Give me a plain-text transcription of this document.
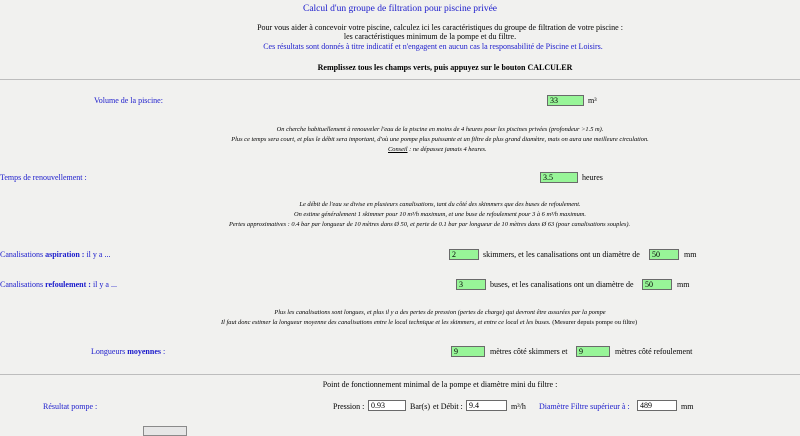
Calcul d'un groupe de filtration pour piscine privée
Pour vous aider à concevoir votre piscine, calculez ici les caractéristiques du groupe de filtration de votre piscine :
les caractéristiques minimum de la pompe et du filtre.
Ces résultats sont donnés à titre indicatif et n'engagent en aucun cas la responsabilité de Piscine et Loisirs.
Remplissez tous les champs verts, puis appuyez sur le bouton CALCULER
Volume de la piscine:
33	m³
On cherche habituellement à renouveler l'eau de la piscine en moins de 4 heures pour les piscines privées (profondeur >1.5 m).
Plus ce temps sera court, et plus le débit sera important, d'où une pompe plus puissante et un filtre de plus grand diamètre, mais on aura une meilleure circulation.
Conseil : ne dépassez jamais 4 heures.
Temps de renouvellement :
3.5	heures
Le débit de l'eau se divise en plusieurs canalisations, tant du côté des skimmers que des buses de refoulement.
On estime généralement 1 skimmer pour 10 m³/h maximum, et une buse de refoulement pour 3 à 6 m³/h maximum.
Pertes approximatives : 0.4 bar par longueur de 10 mètres dans Ø 50, et perte de 0.1 bar par longueur de 10 mètres dans Ø 63 (pour canalisations souples).
Canalisations aspiration : il y a ...
2	skimmers, et les canalisations ont un diamètre de
50	mm
Canalisations refoulement : il y a ...
3	buses, et les canalisations ont un diamètre de
50	mm
Plus les canalisations sont longues, et plus il y a des pertes de pression (pertes de charge) qui devront être assurées par la pompe
Il faut donc estimer la longueur moyenne des canalisations entre le local technique et les skimmers, et entre ce local et les buses. (Mesurer depuis pompe ou filtre)
Longueurs moyennes :
9	mètres côté skimmers et
9	mètres côté refoulement
Point de fonctionnement minimal de la pompe et diamètre mini du filtre :
Résultat pompe :	Pression :
0.93	Bar(s) et Débit :
9.4	m³/h Diamètre Filtre supérieur à :
489	mm
